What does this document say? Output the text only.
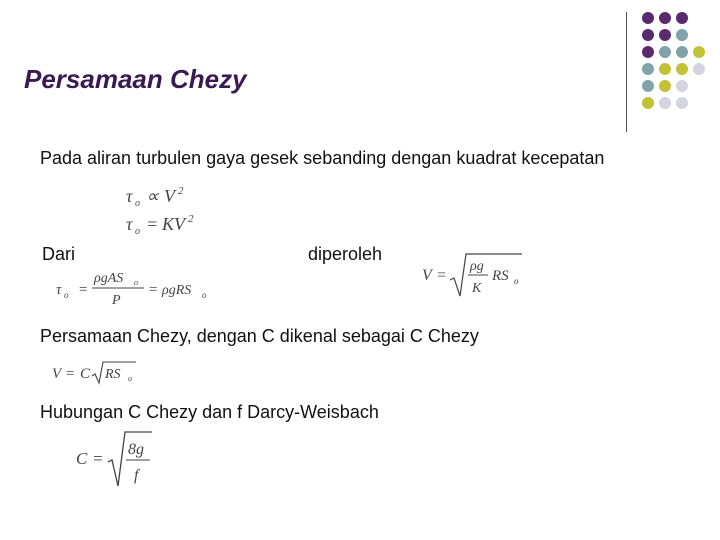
Persamaan Chezy
Pada aliran turbulen gaya gesek sebanding dengan kuadrat kecepatan
τ o ∝ V 2
τ o = KV 2
Dari	diperoleh
τ o =
ρgAS o
P
= ρgRS o
V =
ρg
K
RS o
Persamaan Chezy, dengan C dikenal sebagai C Chezy
V = C RS o
Hubungan C Chezy dan f Darcy-Weisbach
C = 8g
f
